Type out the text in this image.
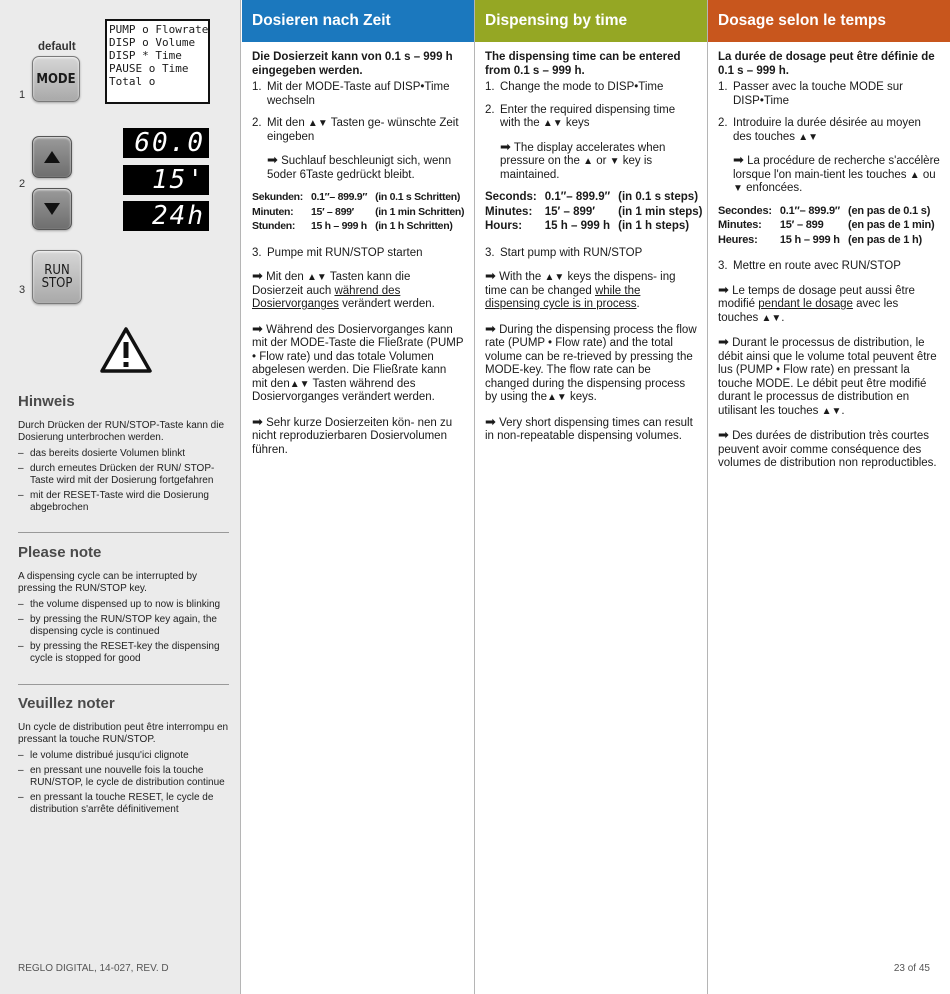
default
MODE
1
PUMP o Flowrate
DISP o Volume
DISP * Time
PAUSE o Time
Total o
2
60.0
15'
24h
RUN
STOP
3
Hinweis

Durch Drücken der RUN/STOP-Taste kann die Dosierung unterbrochen werden.

– das bereits dosierte Volumen blinkt
– durch erneutes Drücken der RUN/ STOP-Taste wird mit der Dosierung fortgefahren
– mit der RESET-Taste wird die Dosierung abgebrochen
Please note

A dispensing cycle can be interrupted by pressing the RUN/STOP key.

– the volume dispensed up to now is blinking
– by pressing the RUN/STOP key again, the dispensing cycle is continued
– by pressing the RESET-key the dispensing cycle is stopped for good
Veuillez noter

Un cycle de distribution peut être interrompu en pressant la touche RUN/STOP.

– le volume distribué jusqu'ici clignote
– en pressant une nouvelle fois la touche RUN/STOP, le cycle de distribution continue
– en pressant la touche RESET, le cycle de distribution s'arrête définitivement
REGLO DIGITAL, 14-027, REV. D
Dosieren nach Zeit

Die Dosierzeit kann von 0.1 s – 999 h eingegeben werden.

1. Mit der MODE-Taste auf DISP•Time wechseln
2. Mit den ▲▼ Tasten ge- wünschte Zeit eingeben
➡ Suchlauf beschleunigt sich, wenn 5oder 6Taste gedrückt bleibt.
Sekunden:	0.1″– 899.9″	(in 0.1 s Schritten)
Minuten:	15′ – 899′	(in 1 min Schritten)
Stunden:	15 h – 999 h	(in 1 h Schritten)
3. Pumpe mit RUN/STOP starten

➡ Mit den ▲▼ Tasten kann die Dosierzeit auch während des Dosiervorganges verändert werden.

➡ Während des Dosiervorganges kann mit der MODE-Taste die Fließrate (PUMP • Flow rate) und das totale Volumen abgelesen werden. Die Fließrate kann mit den▲▼ Tasten während des Dosiervorganges verändert werden.

➡ Sehr kurze Dosierzeiten kön- nen zu nicht reproduzierbaren Dosiervolumen führen.

Dispensing by time

The dispensing time can be entered from 0.1 s – 999 h.

1. Change the mode to DISP•Time
2. Enter the required dispensing time with the ▲▼ keys
➡ The display accelerates when pressure on the ▲ or ▼ key is maintained.
Seconds:	0.1″– 899.9″	(in 0.1 s steps)
Minutes:	15′ – 899′	(in 1 min steps)
Hours:	15 h – 999 h	(in 1 h steps)
3. Start pump with RUN/STOP

➡ With the ▲▼ keys the dispens- ing time can be changed while the dispensing cycle is in process.

➡ During the dispensing process the flow rate (PUMP • Flow rate) and the total volume can be re-trieved by pressing the MODE-key. The flow rate can be changed during the dispensing process by using the▲▼ keys.

➡ Very short dispensing times can result in non-repeatable dispensing volumes.

Dosage selon le temps

La durée de dosage peut être définie de 0.1 s – 999 h.

1. Passer avec la touche MODE sur DISP•Time
2. Introduire la durée désirée au moyen des touches ▲▼
➡ La procédure de recherche s'accélère lorsque l'on main-tient les touches ▲ ou ▼ enfoncées.
Secondes:	0.1″– 899.9″	(en pas de 0.1 s)
Minutes:	15′ – 899	(en pas de 1 min)
Heures:	15 h – 999 h	(en pas de 1 h)
3. Mettre en route avec RUN/STOP

➡ Le temps de dosage peut aussi être modifié pendant le dosage avec les touches ▲▼.

➡ Durant le processus de distribution, le débit ainsi que le volume total peuvent être lus (PUMP • Flow rate) en pressant la touche MODE. Le débit peut être modifié durant le processus de distribution en utilisant les touches ▲▼.

➡ Des durées de distribution très courtes peuvent avoir comme conséquence des volumes de distribution non reproductibles.

23 of 45
